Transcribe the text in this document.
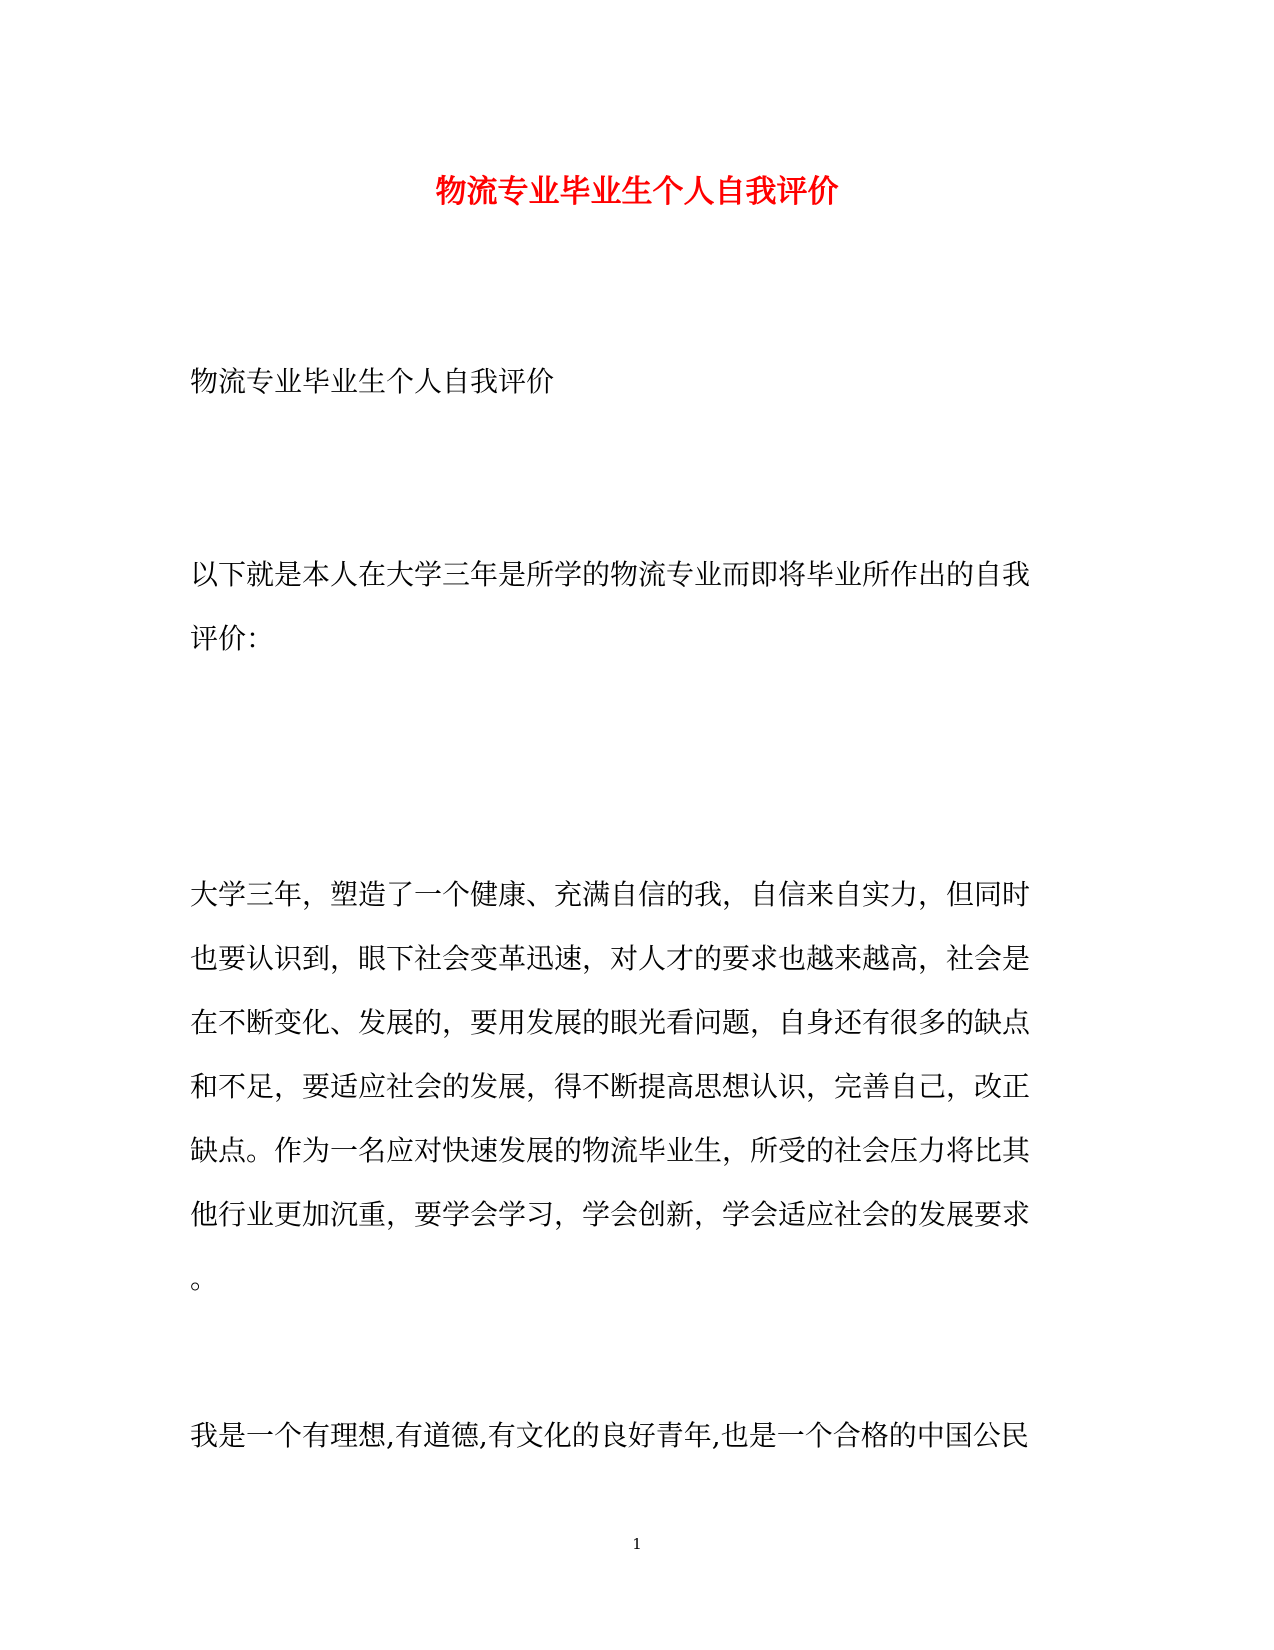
物流专业毕业生个人自我评价

物流专业毕业生个人自我评价

以下就是本人在大学三年是所学的物流专业而即将毕业所作出的自我
评价：

大学三年，塑造了一个健康、充满自信的我，自信来自实力，但同时
也要认识到，眼下社会变革迅速，对人才的要求也越来越高，社会是
在不断变化、发展的，要用发展的眼光看问题，自身还有很多的缺点
和不足，要适应社会的发展，得不断提高思想认识，完善自己，改正
缺点。作为一名应对快速发展的物流毕业生，所受的社会压力将比其
他行业更加沉重，要学会学习，学会创新，学会适应社会的发展要求
。

我是一个有理想,有道德,有文化的良好青年,也是一个合格的中国公民

1
